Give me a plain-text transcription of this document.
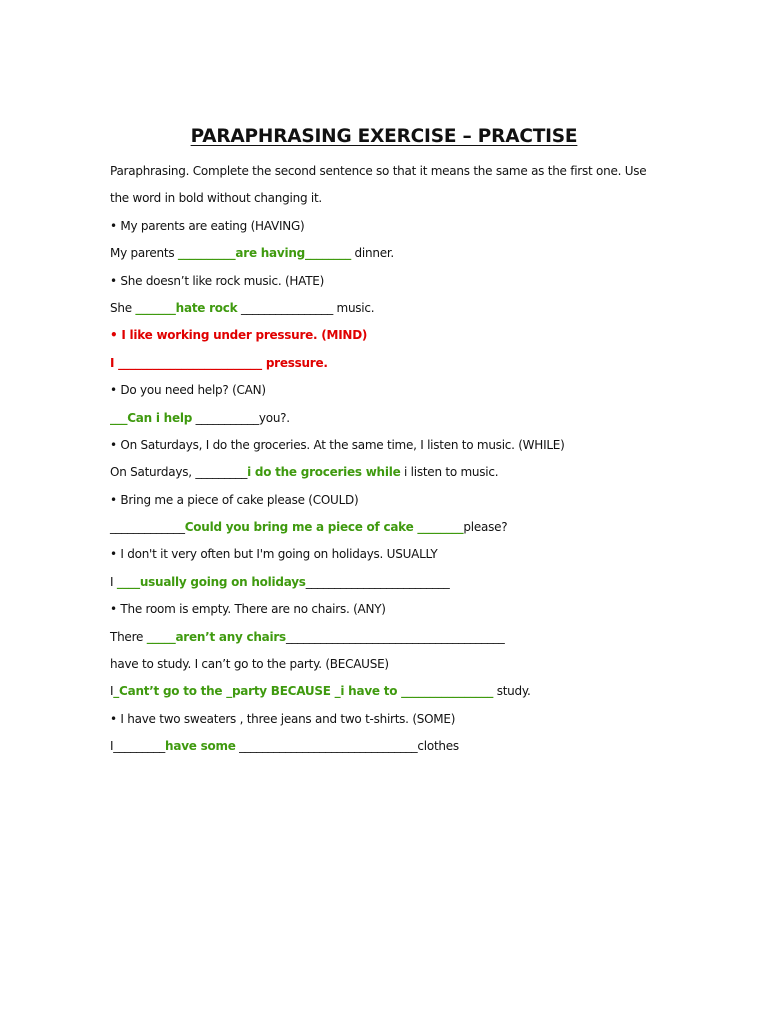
PARAPHRASING EXERCISE – PRACTISE
Paraphrasing. Complete the second sentence so that it means the same as the first one. Use
the word in bold without changing it.
• My parents are eating (HAVING)
My parents __________are having________ dinner.
• She doesn’t like rock music. (HATE)
She _______hate rock ________________ music.
• I like working under pressure. (MIND)
I _________________________ pressure.
• Do you need help? (CAN)
___Can i help ___________you?.
• On Saturdays, I do the groceries. At the same time, I listen to music. (WHILE)
On Saturdays, _________i do the groceries while i listen to music.
• Bring me a piece of cake please (COULD)
_____________Could you bring me a piece of cake ________please?
• I don't it very often but I'm going on holidays. USUALLY
I ____usually going on holidays_________________________
• The room is empty. There are no chairs. (ANY)
There _____aren’t any chairs______________________________________
have to study. I can’t go to the party. (BECAUSE)
I_Cant’t go to the _party BECAUSE _i have to ________________ study.
• I have two sweaters , three jeans and two t-shirts. (SOME)
I_________have some _______________________________clothes
